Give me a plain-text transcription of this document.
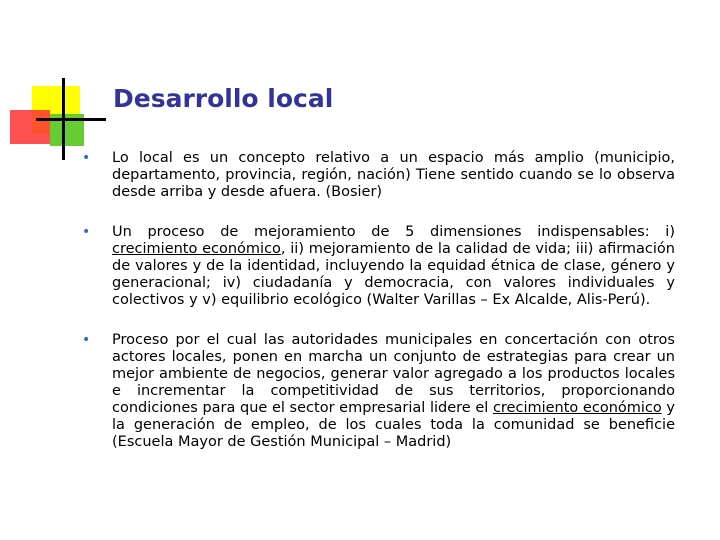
Desarrollo local
• Lo local es un concepto relativo a un espacio más amplio (municipio, departamento, provincia, región, nación) Tiene sentido cuando se lo observa desde arriba y desde afuera. (Bosier)

• Un proceso de mejoramiento de 5 dimensiones indispensables: i) crecimiento económico, ii) mejoramiento de la calidad de vida; iii) afirmación de valores y de la identidad, incluyendo la equidad étnica de clase, género y generacional; iv) ciudadanía y democracia, con valores individuales y colectivos y v) equilibrio ecológico (Walter Varillas – Ex Alcalde, Alis-Perú).

• Proceso por el cual las autoridades municipales en concertación con otros actores locales, ponen en marcha un conjunto de estrategias para crear un mejor ambiente de negocios, generar valor agregado a los productos locales e incrementar la competitividad de sus territorios, proporcionando condiciones para que el sector empresarial lidere el crecimiento económico y la generación de empleo, de los cuales toda la comunidad se beneficie (Escuela Mayor de Gestión Municipal – Madrid)
